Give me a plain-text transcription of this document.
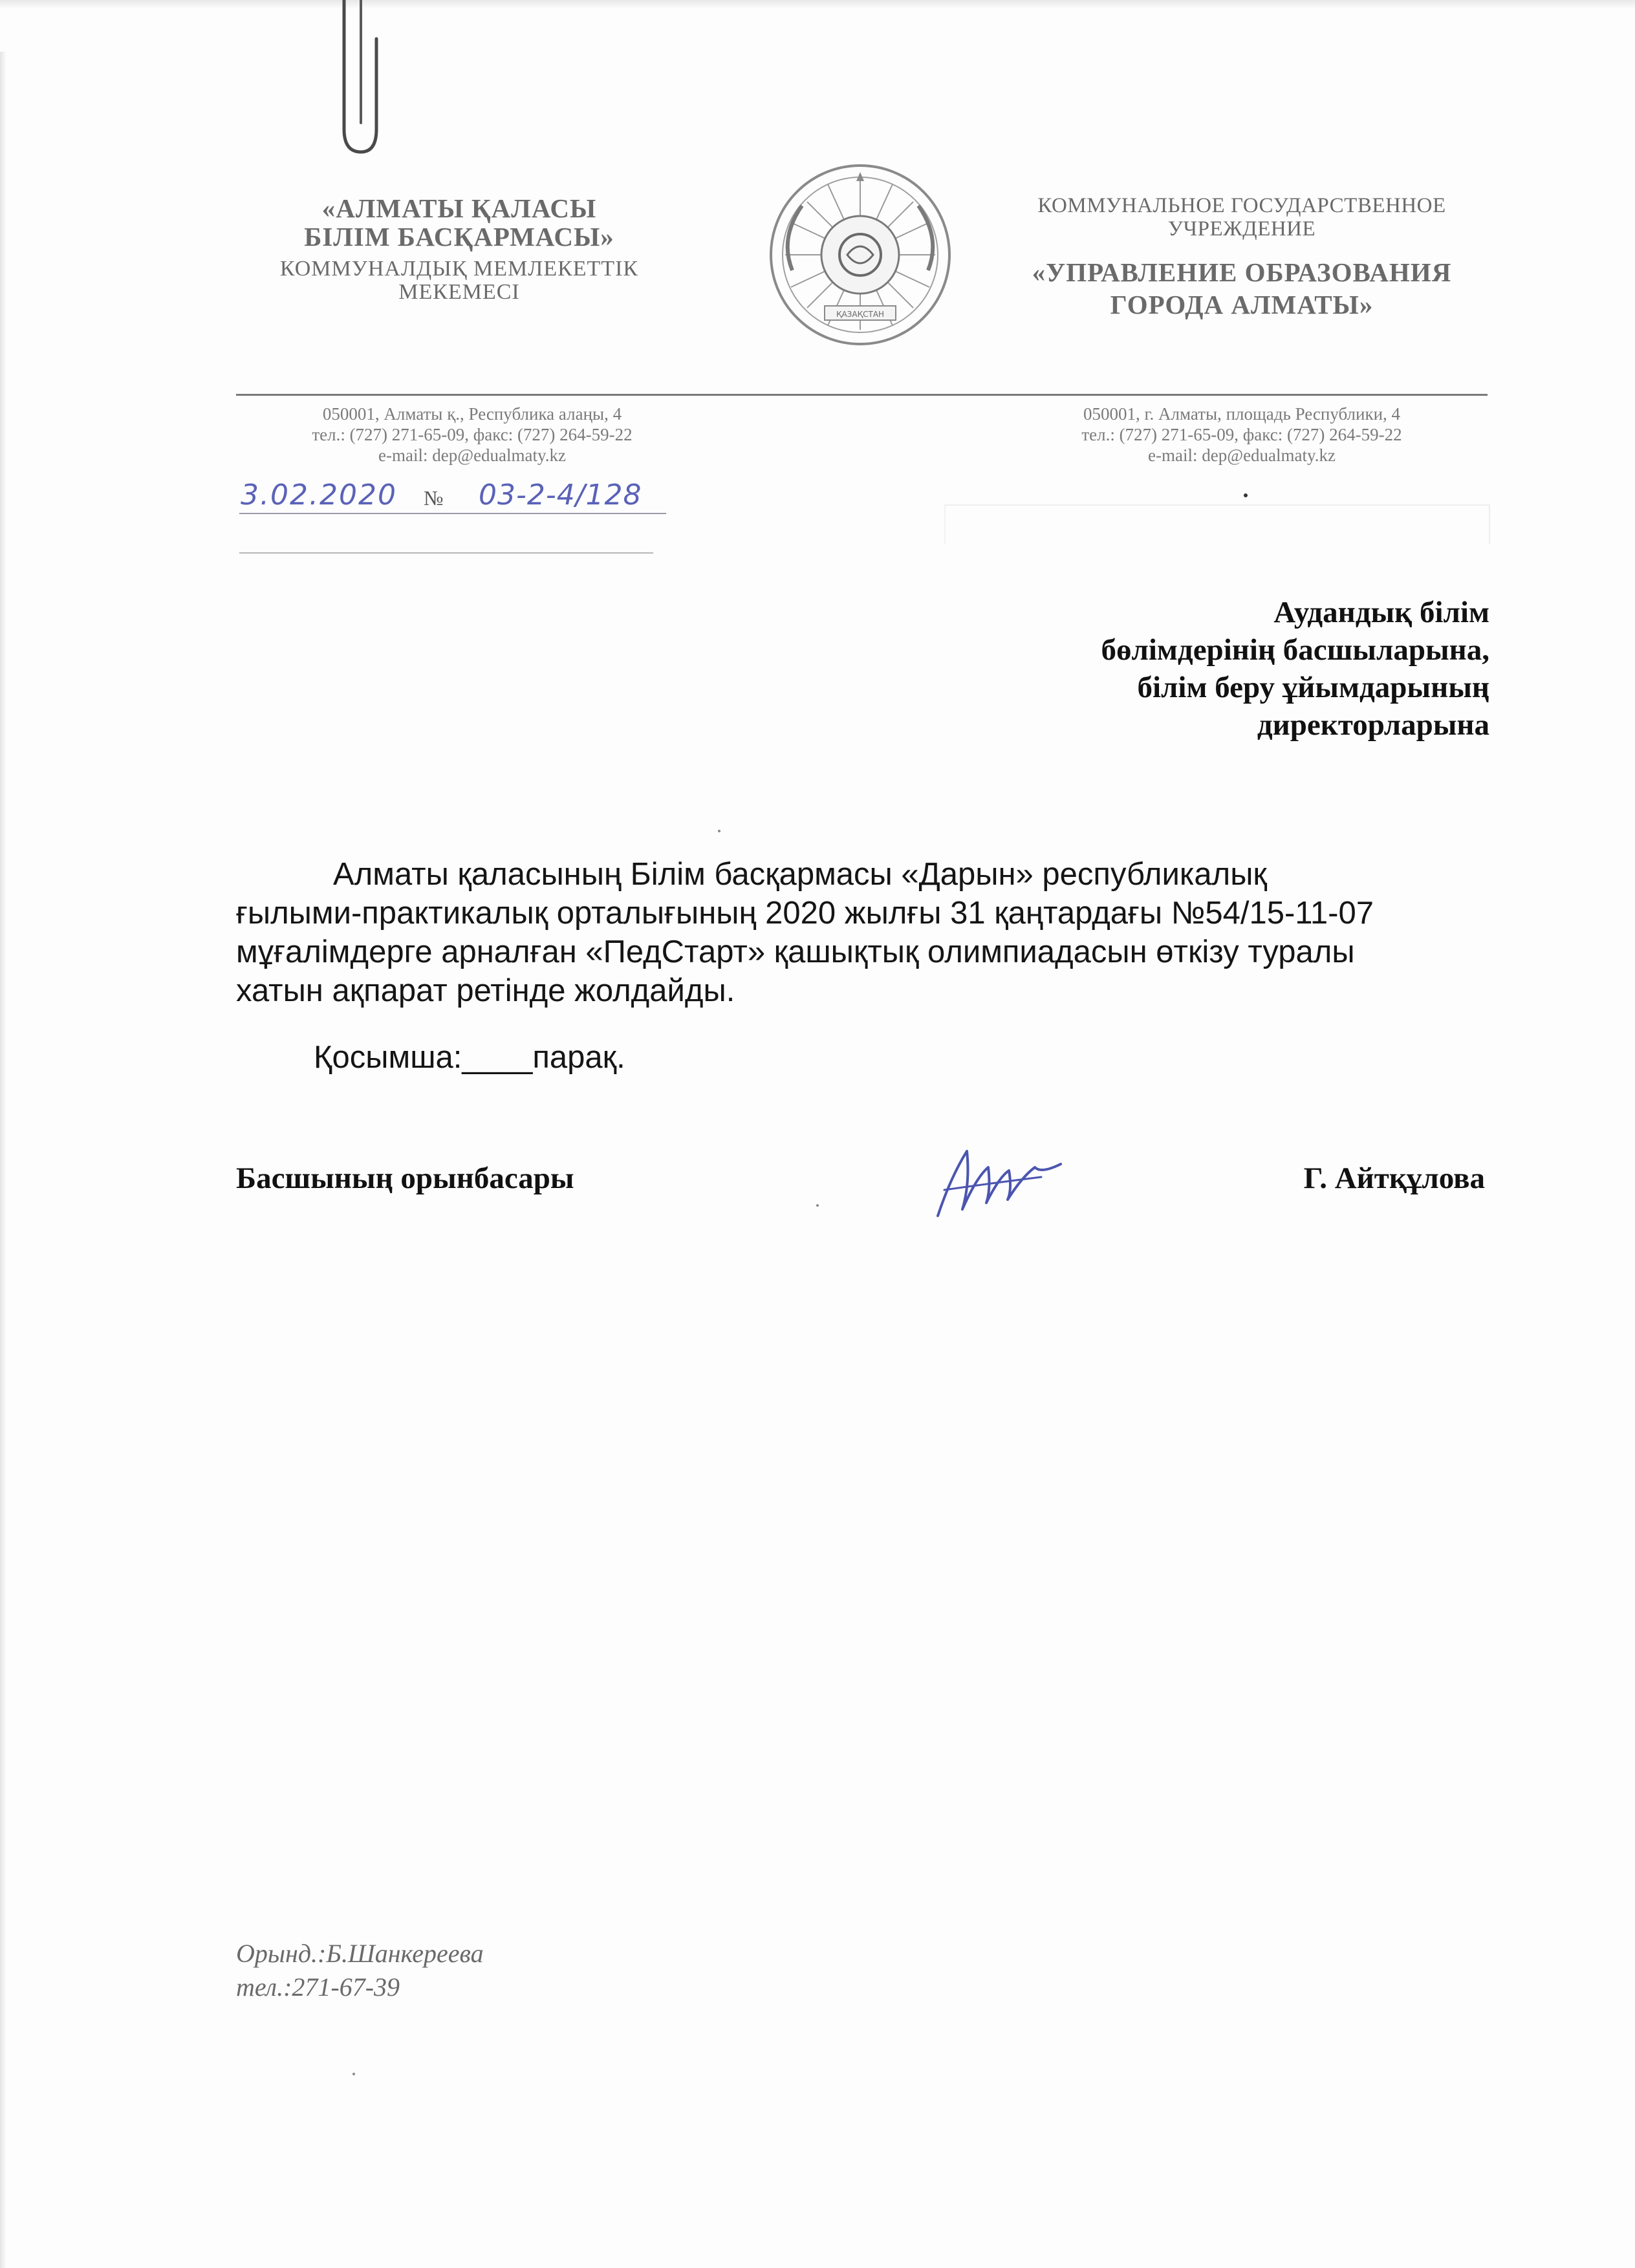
«АЛМАТЫ ҚАЛАСЫ
БІЛІМ БАСҚАРМАСЫ»
КОММУНАЛДЫҚ МЕМЛЕКЕТТІК
МЕКЕМЕСІ
ҚАЗАҚСТАН
КОММУНАЛЬНОЕ ГОСУДАРСТВЕННОЕ
УЧРЕЖДЕНИЕ
«УПРАВЛЕНИЕ ОБРАЗОВАНИЯ
ГОРОДА АЛМАТЫ»
050001, Алматы қ., Республика алаңы, 4
тел.: (727) 271-65-09, факс: (727) 264-59-22
e-mail: dep@edualmaty.kz
050001, г. Алматы, площадь Республики, 4
тел.: (727) 271-65-09, факс: (727) 264-59-22
e-mail: dep@edualmaty.kz
3.02.2020 № 03-2-4/128
Аудандық білім
бөлімдерінің басшыларына,
білім беру ұйымдарының
директорларына

Алматы қаласының Білім басқармасы «Дарын» республикалық

ғылыми-практикалық орталығының 2020 жылғы 31 қаңтардағы №54/15-11-07

мұғалімдерге арналған «ПедСтарт» қашықтық олимпиадасын өткізу туралы

хатын ақпарат ретінде жолдайды.

Қосымша:____парақ.
Басшының орынбасары	Г. Айтқұлова
Орынд.:Б.Шанкереева
тел.:271-67-39
